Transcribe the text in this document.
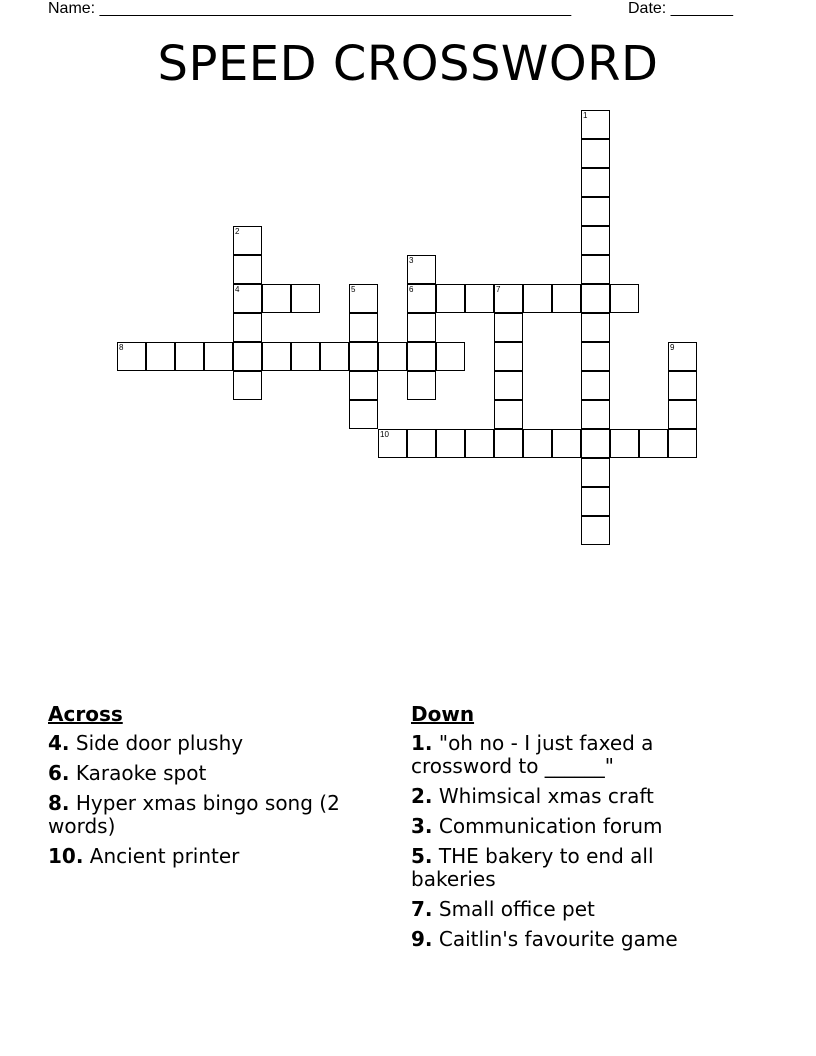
Name: _____________________________________________________	Date: _______
SPEED CROSSWORD
1
2
4
3
6
5	7
8	9
10
Across
4. Side door plushy
6. Karaoke spot
8. Hyper xmas bingo song (2 words)
10. Ancient printer
Down
1. "oh no - I just faxed a crossword to ______"
2. Whimsical xmas craft
3. Communication forum
5. THE bakery to end all bakeries
7. Small office pet
9. Caitlin's favourite game
